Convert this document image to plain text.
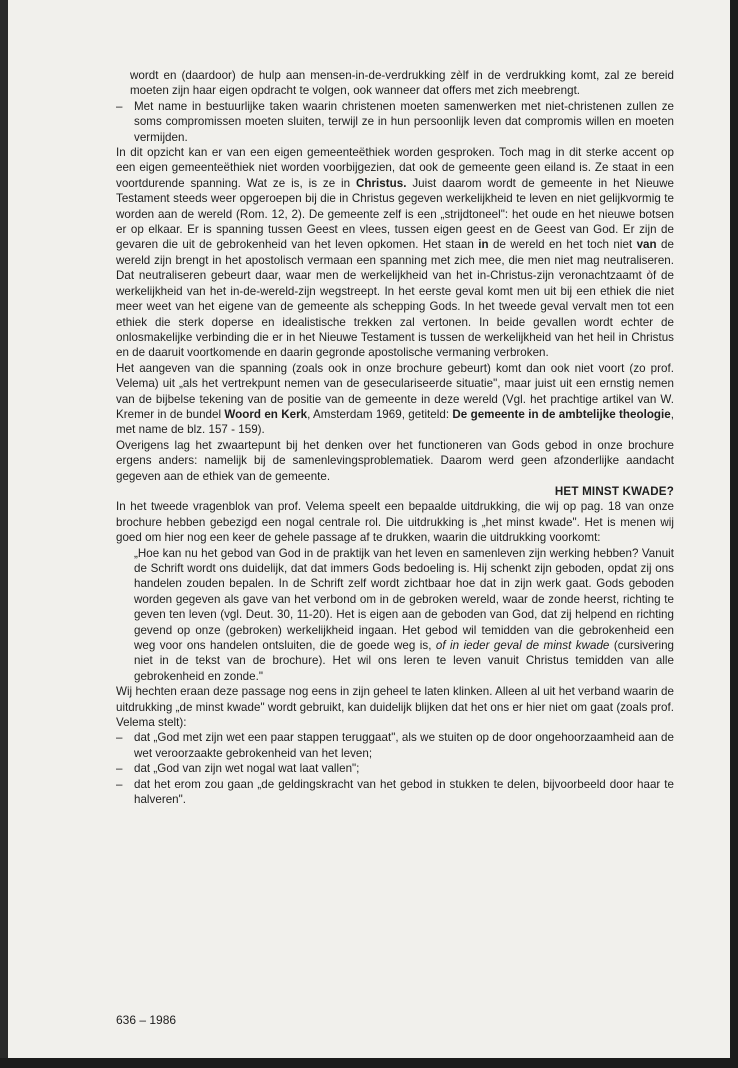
wordt en (daardoor) de hulp aan mensen-in-de-verdrukking zèlf in de verdrukking komt, zal ze bereid moeten zijn haar eigen opdracht te volgen, ook wanneer dat offers met zich meebrengt.

– Met name in bestuurlijke taken waarin christenen moeten samenwerken met niet-christenen zullen ze soms compromissen moeten sluiten, terwijl ze in hun persoonlijk leven dat compromis willen en moeten vermijden.

In dit opzicht kan er van een eigen gemeenteëthiek worden gesproken. Toch mag in dit sterke accent op een eigen gemeenteëthiek niet worden voorbijgezien, dat ook de gemeente geen eiland is. Ze staat in een voortdurende spanning. Wat ze is, is ze in Christus. Juist daarom wordt de gemeente in het Nieuwe Testament steeds weer opgeroepen bij die in Christus gegeven werkelijkheid te leven en niet gelijkvormig te worden aan de wereld (Rom. 12, 2). De gemeente zelf is een „strijdtoneel": het oude en het nieuwe botsen er op elkaar. Er is spanning tussen Geest en vlees, tussen eigen geest en de Geest van God. Er zijn de gevaren die uit de gebrokenheid van het leven opkomen. Het staan in de wereld en het toch niet van de wereld zijn brengt in het apostolisch vermaan een spanning met zich mee, die men niet mag neutraliseren. Dat neutraliseren gebeurt daar, waar men de werkelijkheid van het in-Christus-zijn veronachtzaamt òf de werkelijkheid van het in-de-wereld-zijn wegstreept. In het eerste geval komt men uit bij een ethiek die niet meer weet van het eigene van de gemeente als schepping Gods. In het tweede geval vervalt men tot een ethiek die sterk doperse en idealistische trekken zal vertonen. In beide gevallen wordt echter de onlosmakelijke verbinding die er in het Nieuwe Testament is tussen de werkelijkheid van het heil in Christus en de daaruit voortkomende en daarin gegronde apostolische vermaning verbroken.

Het aangeven van die spanning (zoals ook in onze brochure gebeurt) komt dan ook niet voort (zo prof. Velema) uit „als het vertrekpunt nemen van de geseculariseerde situatie", maar juist uit een ernstig nemen van de bijbelse tekening van de positie van de gemeente in deze wereld (Vgl. het prachtige artikel van W. Kremer in de bundel Woord en Kerk, Amsterdam 1969, getiteld: De gemeente in de ambtelijke theologie, met name de blz. 157 - 159).

Overigens lag het zwaartepunt bij het denken over het functioneren van Gods gebod in onze brochure ergens anders: namelijk bij de samenlevingsproblematiek. Daarom werd geen afzonderlijke aandacht gegeven aan de ethiek van de gemeente.

HET MINST KWADE?

In het tweede vragenblok van prof. Velema speelt een bepaalde uitdrukking, die wij op pag. 18 van onze brochure hebben gebezigd een nogal centrale rol. Die uitdrukking is „het minst kwade". Het is menen wij goed om hier nog een keer de gehele passage af te drukken, waarin die uitdrukking voorkomt:

„Hoe kan nu het gebod van God in de praktijk van het leven en samenleven zijn werking hebben? Vanuit de Schrift wordt ons duidelijk, dat dat immers Gods bedoeling is. Hij schenkt zijn geboden, opdat zij ons handelen zouden bepalen. In de Schrift zelf wordt zichtbaar hoe dat in zijn werk gaat. Gods geboden worden gegeven als gave van het verbond om in de gebroken wereld, waar de zonde heerst, richting te geven ten leven (vgl. Deut. 30, 11-20). Het is eigen aan de geboden van God, dat zij helpend en richting gevend op onze (gebroken) werkelijkheid ingaan. Het gebod wil temidden van die gebrokenheid een weg voor ons handelen ontsluiten, die de goede weg is, of in ieder geval de minst kwade (cursivering niet in de tekst van de brochure). Het wil ons leren te leven vanuit Christus temidden van alle gebrokenheid en zonde."

Wij hechten eraan deze passage nog eens in zijn geheel te laten klinken. Alleen al uit het verband waarin de uitdrukking „de minst kwade" wordt gebruikt, kan duidelijk blijken dat het ons er hier niet om gaat (zoals prof. Velema stelt):

– dat „God met zijn wet een paar stappen teruggaat", als we stuiten op de door ongehoorzaamheid aan de wet veroorzaakte gebrokenheid van het leven;

– dat „God van zijn wet nogal wat laat vallen";

– dat het erom zou gaan „de geldingskracht van het gebod in stukken te delen, bijvoorbeeld door haar te halveren".

636 – 1986
